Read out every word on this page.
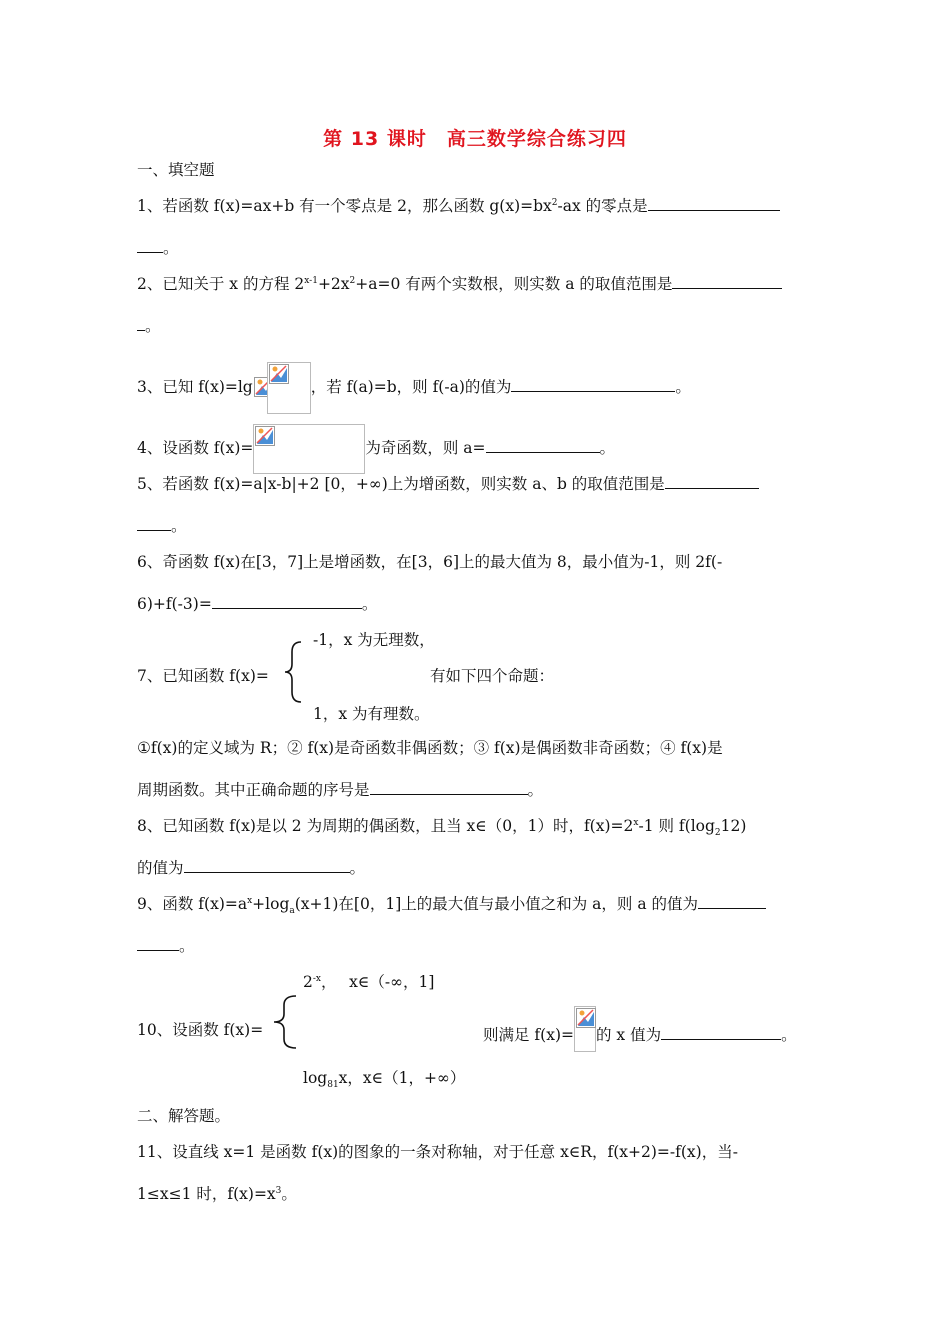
第 13 课时　高三数学综合练习四
一、填空题
1、若函数 f(x)=ax+b 有一个零点是 2，那么函数 $g(x)=bx^2-ax$ 的零点是
。
2、已知关于 x 的方程 $2^{x-1}+2x^2+a=0$ 有两个实数根，则实数 a 的取值范围是
。
3、已知 f(x)=lg	，若 f(a)=b，则 f(-a)的值为	。
4、设函数 f(x)=	为奇函数，则 a=	。
5、若函数 f(x)=a|x-b|+2 [0，+∞)上为增函数，则实数 a、b 的取值范围是
。
6、奇函数 f(x)在[3，7]上是增函数，在[3，6]上的最大值为 8，最小值为-1，则 2f(-
6)+f(-3)=	。
-1，x 为无理数，
7、已知函数 f(x)=	有如下四个命题：
1，x 为有理数。
①f(x)的定义域为 R；② f(x)是奇函数非偶函数；③ f(x)是偶函数非奇函数；④ f(x)是
周期函数。其中正确命题的序号是	。
8、已知函数 f(x)是以 2 为周期的偶函数，且当 x∈（0，1）时，$f(x)=2^x-1$ 则 $f(\log_212)$
的值为	。
9、函数 $f(x)=a^x+\log_a(x+1)$在[0，1]上的最大值与最小值之和为 a，则 a 的值为
。
$2^{-x}$，　 x∈（-∞，1]
10、设函数 f(x)=	则满足 f(x)= 的 x 值为	。
$\log_{81}x$，x∈（1，+∞）
二、解答题。
11、设直线 x=1 是函数 f(x)的图象的一条对称轴，对于任意 x∈R，f(x+2)=-f(x)，当-
1≤x≤1 时，$f(x)=x^3$。
